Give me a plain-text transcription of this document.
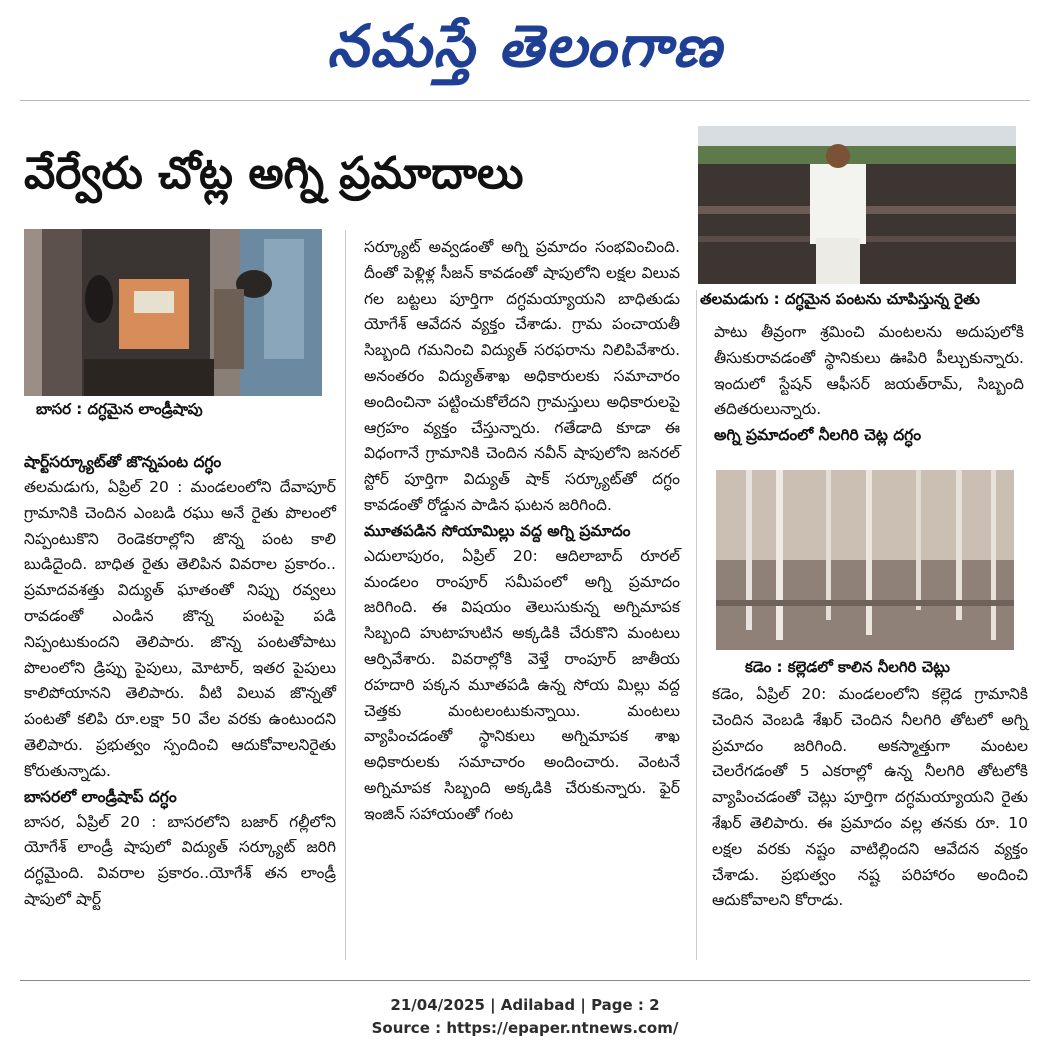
నమస్తే తెలంగాణ
వేర్వేరు చోట్ల అగ్ని ప్రమాదాలు
బాసర : దగ్ధమైన లాండ్రీషాపు
షార్ట్‌సర్క్యూట్‌తో జొన్నపంట దగ్ధం

తలమడుగు, ఏప్రిల్ 20 : మండలంలోని దేవాపూర్ గ్రామానికి చెందిన ఎంబడి రఘు అనే రైతు పొలంలో నిప్పంటుకొని రెండెకరాల్లోని జొన్న పంట కాలి బుడిదైంది. బాధిత రైతు తెలిపిన వివరాల ప్రకారం.. ప్రమాదవశత్తు విద్యుత్ ఘాతంతో నిప్పు రవ్వలు రావడంతో ఎండిన జొన్న పంటపై పడి నిప్పంటుకుందని తెలిపారు. జొన్న పంటతోపాటు పొలంలోని డ్రిప్పు పైపులు, మోటార్, ఇతర పైపులు కాలిపోయానని తెలిపారు. వీటి విలువ జొన్నతో పంటతో కలిపి రూ.లక్షా 50 వేల వరకు ఉంటుందని తెలిపారు. ప్రభుత్వం స్పందించి ఆదుకోవాలనిరైతు కోరుతున్నాడు.

బాసరలో లాండ్రీషాప్ దగ్ధం

బాసర, ఏప్రిల్ 20 : బాసరలోని బజార్ గల్లీలోని యోగేశ్ లాండ్రీ షాపులో విద్యుత్ సర్క్యూట్ జరిగి దగ్ధమైంది. వివరాల ప్రకారం..యోగేశ్ తన లాండ్రీ షాపులో షార్ట్

సర్క్యూట్ అవ్వడంతో అగ్ని ప్రమాదం సంభవించింది. దీంతో పెళ్లిళ్ల సీజన్ కావడంతో షాపులోని లక్షల విలువ గల బట్టలు పూర్తిగా దగ్ధమయ్యాయని బాధితుడు యోగేశ్ ఆవేదన వ్యక్తం చేశాడు. గ్రామ పంచాయతీ సిబ్బంది గమనించి విద్యుత్ సరఫరాను నిలిపివేశారు. అనంతరం విద్యుత్‌శాఖ అధికారులకు సమాచారం అందించినా పట్టించుకోలేదని గ్రామస్తులు అధికారులపై ఆగ్రహం వ్యక్తం చేస్తున్నారు. గతేడాది కూడా ఈ విధంగానే గ్రామానికి చెందిన నవీన్ షాపులోని జనరల్ స్టోర్ పూర్తిగా విద్యుత్ షాక్ సర్క్యూట్‌తో దగ్ధం కావడంతో రోడ్డున పాడిన ఘటన జరిగింది.

మూతపడిన సోయామిల్లు వద్ద అగ్ని ప్రమాదం

ఎదులాపురం, ఏప్రిల్ 20: ఆదిలాబాద్ రూరల్ మండలం రాంపూర్ సమీపంలో అగ్ని ప్రమాదం జరిగింది. ఈ విషయం తెలుసుకున్న అగ్నిమాపక సిబ్బంది హుటాహుటిన అక్కడికి చేరుకొని మంటలు ఆర్పివేశారు. వివరాల్లోకి వెళ్తే రాంపూర్ జాతీయ రహదారి పక్కన మూతపడి ఉన్న సోయ మిల్లు వద్ద చెత్తకు మంటలంటుకున్నాయి. మంటలు వ్యాపించడంతో స్థానికులు అగ్నిమాపక శాఖ అధికారులకు సమాచారం అందించారు. వెంటనే అగ్నిమాపక సిబ్బంది అక్కడికి చేరుకున్నారు. ఫైర్ ఇంజిన్ సహాయంతో గంట

తలమడుగు : దగ్ధమైన పంటను చూపిస్తున్న రైతు

పాటు తీవ్రంగా శ్రమించి మంటలను అదుపులోకి తీసుకురావడంతో స్థానికులు ఊపిరి పీల్చుకున్నారు. ఇందులో స్టేషన్ ఆఫీసర్ జయత్‌రామ్, సిబ్బంది తదితరులున్నారు.

అగ్ని ప్రమాదంలో నీలగిరి చెట్ల దగ్ధం
కడెం : కల్లెడలో కాలిన నీలగిరి చెట్లు

కడెం, ఏప్రిల్ 20: మండలంలోని కల్లెడ గ్రామానికి చెందిన వెంబడి శేఖర్ చెందిన నీలగిరి తోటలో అగ్ని ప్రమాదం జరిగింది. అకస్మాత్తుగా మంటల చెలరేగడంతో 5 ఎకరాల్లో ఉన్న నీలగిరి తోటలోకి వ్యాపించడంతో చెట్లు పూర్తిగా దగ్ధమయ్యాయని రైతు శేఖర్ తెలిపారు. ఈ ప్రమాదం వల్ల తనకు రూ. 10 లక్షల వరకు నష్టం వాటిల్లిందని ఆవేదన వ్యక్తం చేశాడు. ప్రభుత్వం నష్ట పరిహారం అందించి ఆదుకోవాలని కోరాడు.

21/04/2025 | Adilabad | Page : 2
Source : https://epaper.ntnews.com/
